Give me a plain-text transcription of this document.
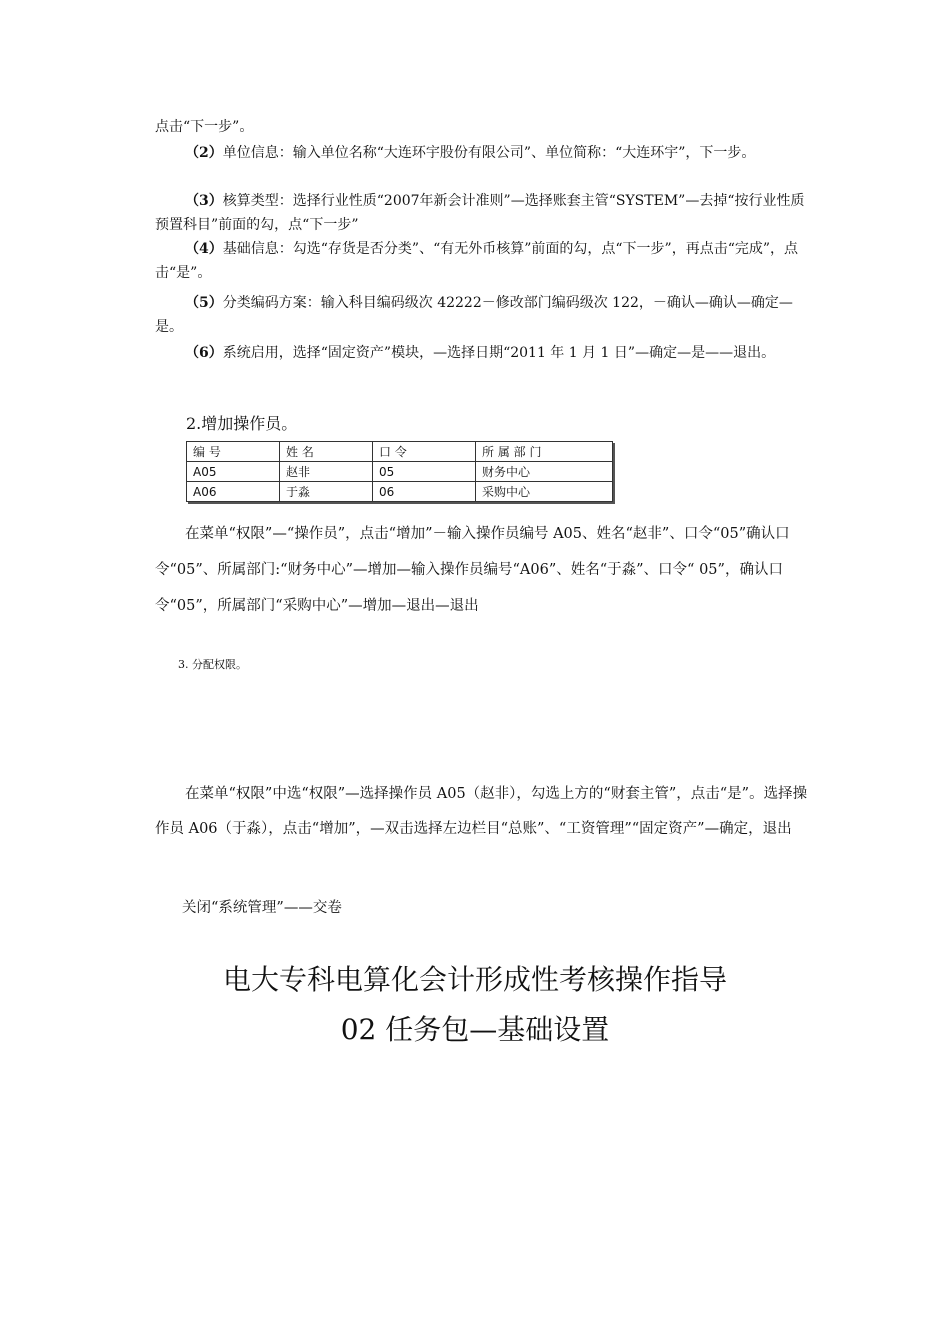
点击“下一步”。

（2）单位信息：输入单位名称“大连环宇股份有限公司”、单位简称：“大连环宇”，下一步。

（3）核算类型：选择行业性质“2007年新会计准则”—选择账套主管“SYSTEM”—去掉“按行业性质预置科目”前面的勾，点“下一步”

（4）基础信息：勾选“存货是否分类”、“有无外币核算”前面的勾，点“下一步”，再点击“完成”，点击“是”。

（5）分类编码方案：输入科目编码级次 42222－修改部门编码级次 122，－确认—确认—确定—是。

（6）系统启用，选择“固定资产”模块，—选择日期“2011 年 1 月 1 日”—确定—是——退出。

2.增加操作员。

编 号	姓 名	口 令	所 属 部 门
A05	赵非	05	财务中心
A06	于淼	06	采购中心

在菜单“权限”—“操作员”，点击“增加”－输入操作员编号 A05、姓名“赵非”、口令“05”确认口令“05”、所属部门:“财务中心”—增加—输入操作员编号“A06”、姓名“于淼”、口令“ 05”，确认口令“05”，所属部门“采购中心”—增加—退出—退出

3. 分配权限。

在菜单“权限”中选“权限”—选择操作员 A05（赵非），勾选上方的“财套主管”，点击“是”。选择操作员 A06（于淼），点击“增加”，—双击选择左边栏目“总账”、“工资管理”“固定资产”—确定，退出

关闭“系统管理”——交卷

电大专科电算化会计形成性考核操作指导
02 任务包—基础设置
